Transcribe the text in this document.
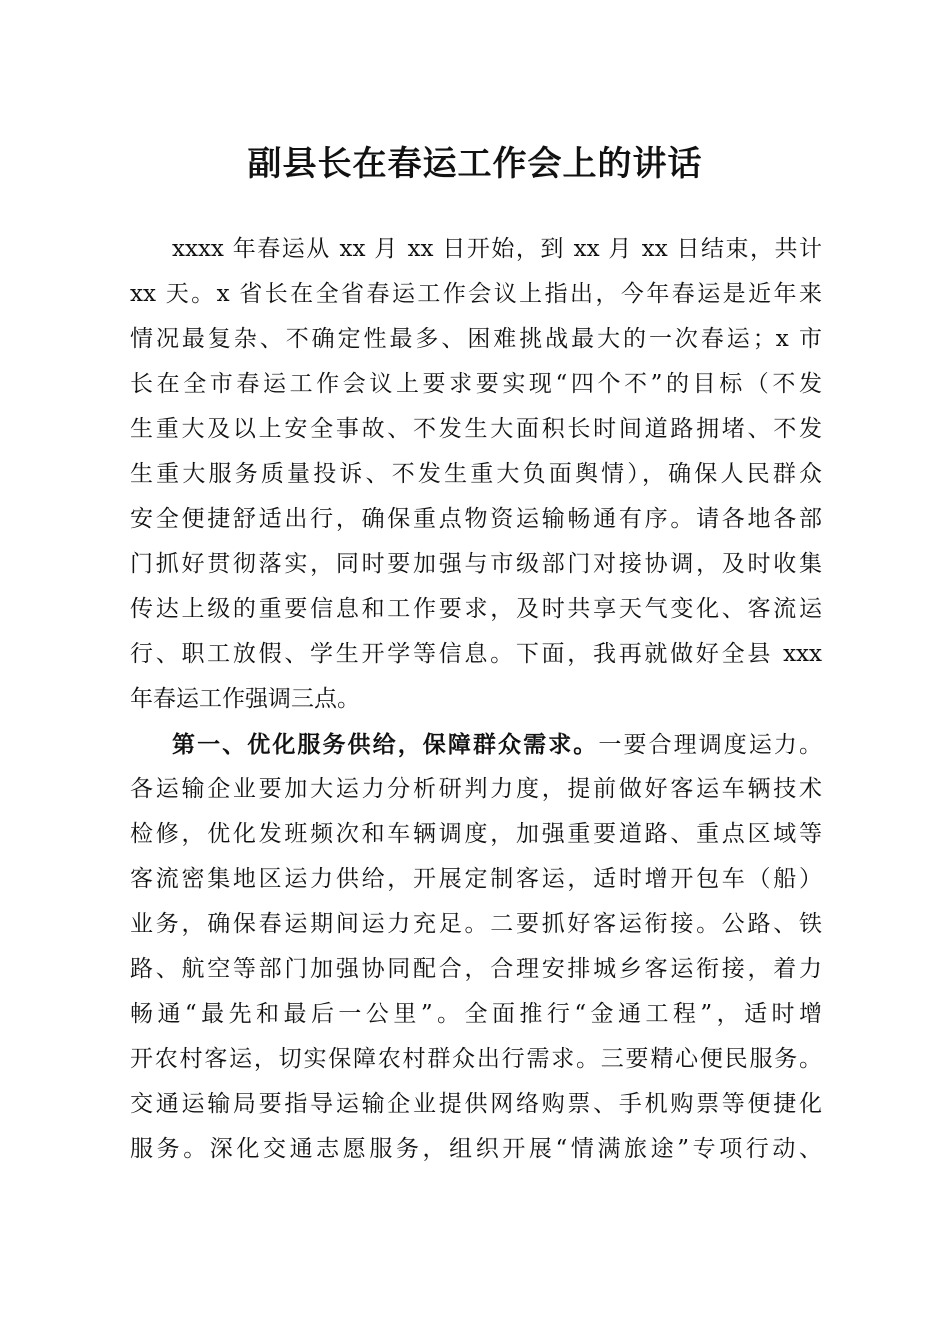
副县长在春运工作会上的讲话
xxxx 年春运从 xx 月 xx 日开始，到 xx 月 xx 日结束，共计
xx 天。x 省长在全省春运工作会议上指出，今年春运是近年来
情况最复杂、不确定性最多、困难挑战最大的一次春运；x 市
长在全市春运工作会议上要求要实现“四个不”的目标（不发
生重大及以上安全事故、不发生大面积长时间道路拥堵、不发
生重大服务质量投诉、不发生重大负面舆情），确保人民群众
安全便捷舒适出行，确保重点物资运输畅通有序。请各地各部
门抓好贯彻落实，同时要加强与市级部门对接协调，及时收集
传达上级的重要信息和工作要求，及时共享天气变化、客流运
行、职工放假、学生开学等信息。下面，我再就做好全县 xxx
年春运工作强调三点。
第一、优化服务供给，保障群众需求。一要合理调度运力。
各运输企业要加大运力分析研判力度，提前做好客运车辆技术
检修，优化发班频次和车辆调度，加强重要道路、重点区域等
客流密集地区运力供给，开展定制客运，适时增开包车（船）
业务，确保春运期间运力充足。二要抓好客运衔接。公路、铁
路、航空等部门加强协同配合，合理安排城乡客运衔接，着力
畅通“最先和最后一公里”。全面推行“金通工程”，适时增
开农村客运，切实保障农村群众出行需求。三要精心便民服务。
交通运输局要指导运输企业提供网络购票、手机购票等便捷化
服务。深化交通志愿服务，组织开展“情满旅途”专项行动、
